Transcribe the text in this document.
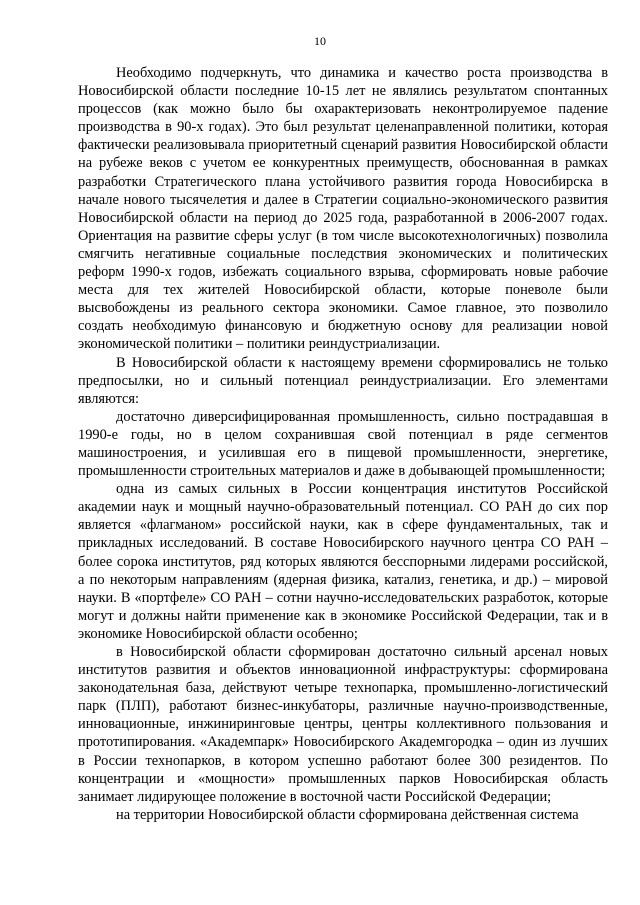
10

Необходимо подчеркнуть, что динамика и качество роста производства в Новосибирской области последние 10-15 лет не являлись результатом спонтанных процессов (как можно было бы охарактеризовать неконтролируемое падение производства в 90-х годах). Это был результат целенаправленной политики, которая фактически реализовывала приоритетный сценарий развития Новосибирской области на рубеже веков с учетом ее конкурентных преимуществ, обоснованная в рамках разработки Стратегического плана устойчивого развития города Новосибирска в начале нового тысячелетия и далее в Стратегии социально-экономического развития Новосибирской области на период до 2025 года, разработанной в 2006-2007 годах. Ориентация на развитие сферы услуг (в том числе высокотехнологичных) позволила смягчить негативные социальные последствия экономических и политических реформ 1990-х годов, избежать социального взрыва, сформировать новые рабочие места для тех жителей Новосибирской области, которые поневоле были высвобождены из реального сектора экономики. Самое главное, это позволило создать необходимую финансовую и бюджетную основу для реализации новой экономической политики – политики реиндустриализации.

В Новосибирской области к настоящему времени сформировались не только предпосылки, но и сильный потенциал реиндустриализации. Его элементами являются:

достаточно диверсифицированная промышленность, сильно пострадавшая в 1990-е годы, но в целом сохранившая свой потенциал в ряде сегментов машиностроения, и усилившая его в пищевой промышленности, энергетике, промышленности строительных материалов и даже в добывающей промышленности;

одна из самых сильных в России концентрация институтов Российской академии наук и мощный научно-образовательный потенциал. СО РАН до сих пор является «флагманом» российской науки, как в сфере фундаментальных, так и прикладных исследований. В составе Новосибирского научного центра СО РАН – более сорока институтов, ряд которых являются бесспорными лидерами российской, а по некоторым направлениям (ядерная физика, катализ, генетика, и др.) – мировой науки. В «портфеле» СО РАН – сотни научно-исследовательских разработок, которые могут и должны найти применение как в экономике Российской Федерации, так и в экономике Новосибирской области особенно;

в Новосибирской области сформирован достаточно сильный арсенал новых институтов развития и объектов инновационной инфраструктуры: сформирована законодательная база, действуют четыре технопарка, промышленно-логистический парк (ПЛП), работают бизнес-инкубаторы, различные научно-производственные, инновационные, инжиниринговые центры, центры коллективного пользования и прототипирования. «Академпарк» Новосибирского Академгородка – один из лучших в России технопарков, в котором успешно работают более 300 резидентов. По концентрации и «мощности» промышленных парков Новосибирская область занимает лидирующее положение в восточной части Российской Федерации;

на территории Новосибирской области сформирована действенная система
